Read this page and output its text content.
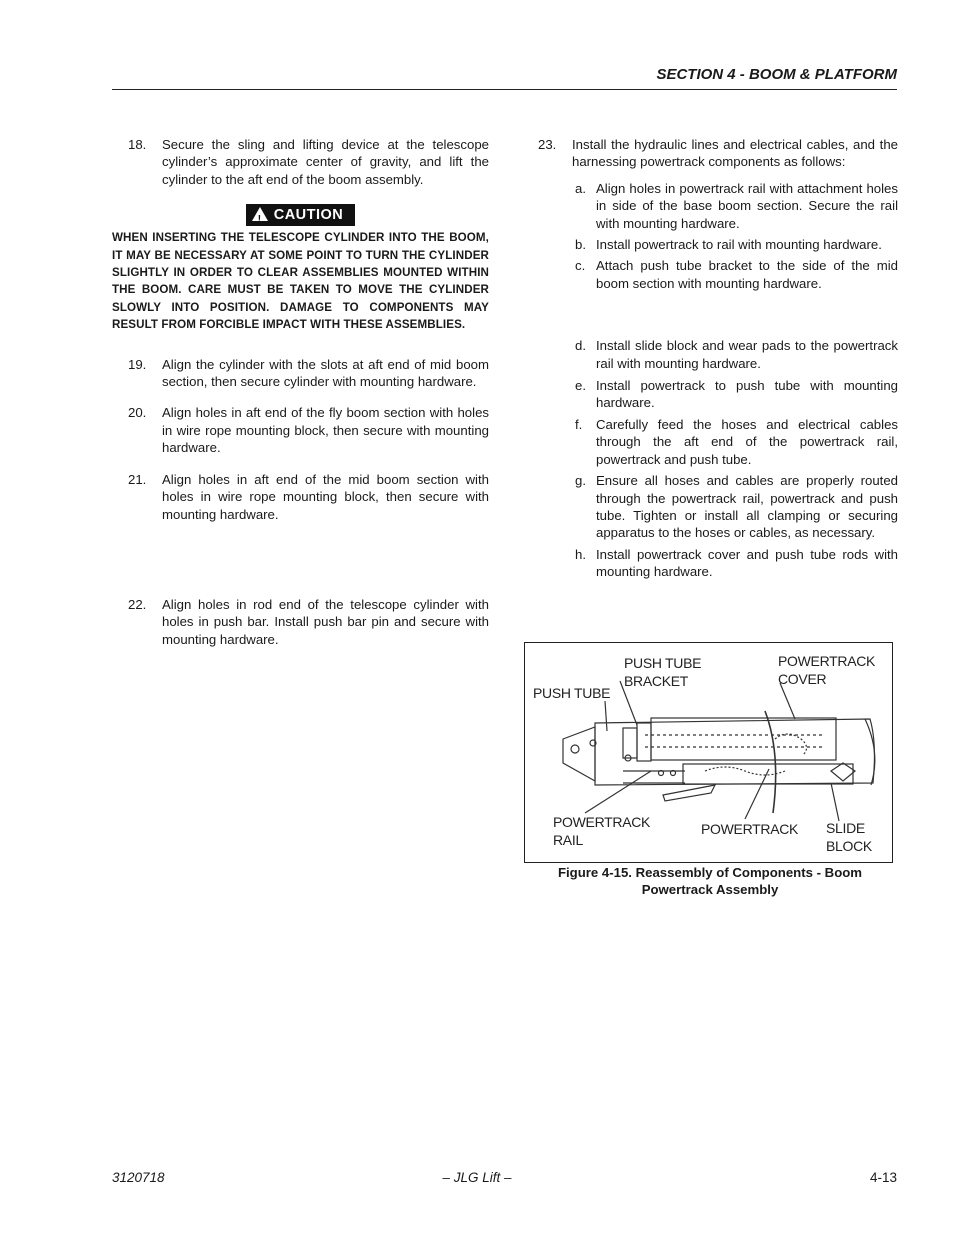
SECTION 4 - BOOM & PLATFORM
18. Secure the sling and lifting device at the telescope cylinder’s approximate center of gravity, and lift the cylinder to the aft end of the boom assembly.
! CAUTION
WHEN INSERTING THE TELESCOPE CYLINDER INTO THE BOOM, IT MAY BE NECESSARY AT SOME POINT TO TURN THE CYLINDER SLIGHTLY IN ORDER TO CLEAR ASSEMBLIES MOUNTED WITHIN THE BOOM. CARE MUST BE TAKEN TO MOVE THE CYLINDER SLOWLY INTO POSITION. DAMAGE TO COMPONENTS MAY RESULT FROM FORCIBLE IMPACT WITH THESE ASSEMBLIES.
19. Align the cylinder with the slots at aft end of mid boom section, then secure cylinder with mounting hardware.
20. Align holes in aft end of the fly boom section with holes in wire rope mounting block, then secure with mounting hardware.
21. Align holes in aft end of the mid boom section with holes in wire rope mounting block, then secure with mounting hardware.
22. Align holes in rod end of the telescope cylinder with holes in push bar. Install push bar pin and secure with mounting hardware.
23. Install the hydraulic lines and electrical cables, and the harnessing powertrack components as follows:
a. Align holes in powertrack rail with attachment holes in side of the base boom section. Secure the rail with mounting hardware.
b. Install powertrack to rail with mounting hardware.
c. Attach push tube bracket to the side of the mid boom section with mounting hardware.
d. Install slide block and wear pads to the powertrack rail with mounting hardware.
e. Install powertrack to push tube with mounting hardware.
f. Carefully feed the hoses and electrical cables through the aft end of the powertrack rail, powertrack and push tube.
g. Ensure all hoses and cables are properly routed through the powertrack rail, powertrack and push tube. Tighten or install all clamping or securing apparatus to the hoses or cables, as necessary.
h. Install powertrack cover and push tube rods with mounting hardware.
PUSH TUBE
BRACKET
POWERTRACK
COVER
PUSH TUBE
POWERTRACK
RAIL
POWERTRACK SLIDE
BLOCK
Figure 4-15. Reassembly of Components - Boom
Powertrack Assembly
3120718	– JLG Lift –	4-13
